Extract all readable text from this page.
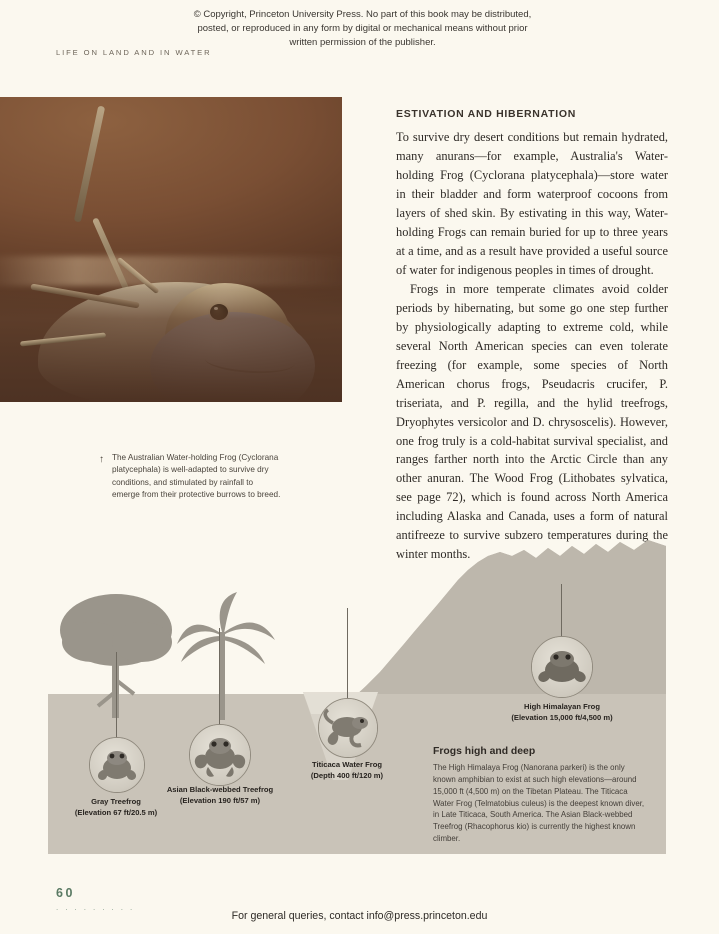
© Copyright, Princeton University Press. No part of this book may be distributed, posted, or reproduced in any form by digital or mechanical means without prior written permission of the publisher.
LIFE ON LAND AND IN WATER
↑ The Australian Water-holding Frog (Cyclorana platycephala) is well-adapted to survive dry conditions, and stimulated by rainfall to emerge from their protective burrows to breed.
ESTIVATION AND HIBERNATION

To survive dry desert conditions but remain hydrated, many anurans—for example, Australia's Water-holding Frog (Cyclorana platycephala)—store water in their bladder and form waterproof cocoons from layers of shed skin. By estivating in this way, Water-holding Frogs can remain buried for up to three years at a time, and as a result have provided a useful source of water for indigenous peoples in times of drought.

Frogs in more temperate climates avoid colder periods by hibernating, but some go one step further by physiologically adapting to extreme cold, while several North American species can even tolerate freezing (for example, some species of North American chorus frogs, Pseudacris crucifer, P. triseriata, and P. regilla, and the hylid treefrogs, Dryophytes versicolor and D. chrysoscelis). However, one frog truly is a cold-habitat survival specialist, and ranges farther north into the Arctic Circle than any other anuran. The Wood Frog (Lithobates sylvatica, see page 72), which is found across North America including Alaska and Canada, uses a form of natural antifreeze to survive subzero temperatures during the winter months.

Gray Treefrog
(Elevation 67 ft/20.5 m)
Asian Black-webbed Treefrog
(Elevation 190 ft/57 m)
Titicaca Water Frog
(Depth 400 ft/120 m)
High Himalayan Frog
(Elevation 15,000 ft/4,500 m)
Frogs high and deep

The High Himalaya Frog (Nanorana parkeri) is the only known amphibian to exist at such high elevations—around 15,000 ft (4,500 m) on the Tibetan Plateau. The Titicaca Water Frog (Telmatobius culeus) is the deepest known diver, in Late Titicaca, South America. The Asian Black-webbed Treefrog (Rhacophorus kio) is currently the highest known climber.

60
. . . . . . . . .
For general queries, contact info@press.princeton.edu
